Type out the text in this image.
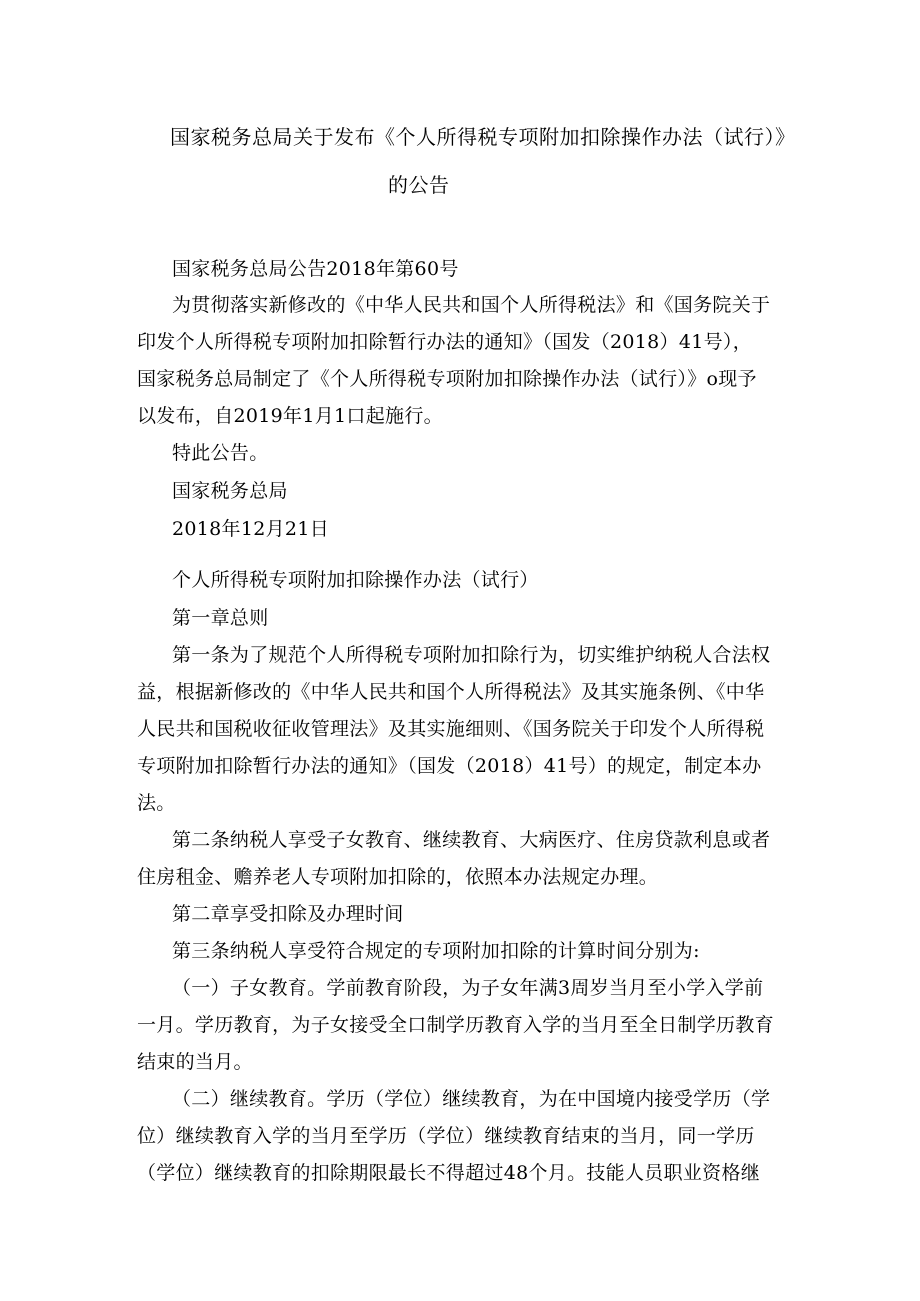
国家税务总局关于发布《个人所得税专项附加扣除操作办法（试行）》
的公告
国家税务总局公告2018年第60号
为贯彻落实新修改的《中华人民共和国个人所得税法》和《国务院关于
印发个人所得税专项附加扣除暂行办法的通知》（国发（2018）41号），
国家税务总局制定了《个人所得税专项附加扣除操作办法（试行）》o现予
以发布，自2019年1月1口起施行。
特此公告。
国家税务总局
2018年12月21日
个人所得税专项附加扣除操作办法（试行）
第一章总则
第一条为了规范个人所得税专项附加扣除行为，切实维护纳税人合法权
益，根据新修改的《中华人民共和国个人所得税法》及其实施条例、《中华
人民共和国税收征收管理法》及其实施细则、《国务院关于印发个人所得税
专项附加扣除暂行办法的通知》（国发（2018）41号）的规定，制定本办
法。
第二条纳税人享受子女教育、继续教育、大病医疗、住房贷款利息或者
住房租金、赡养老人专项附加扣除的，依照本办法规定办理。
第二章享受扣除及办理时间
第三条纳税人享受符合规定的专项附加扣除的计算时间分别为:
（一）子女教育。学前教育阶段，为子女年满3周岁当月至小学入学前
一月。学历教育，为子女接受全口制学历教育入学的当月至全日制学历教育
结束的当月。
（二）继续教育。学历（学位）继续教育，为在中国境内接受学历（学
位）继续教育入学的当月至学历（学位）继续教育结束的当月，同一学历
（学位）继续教育的扣除期限最长不得超过48个月。技能人员职业资格继
